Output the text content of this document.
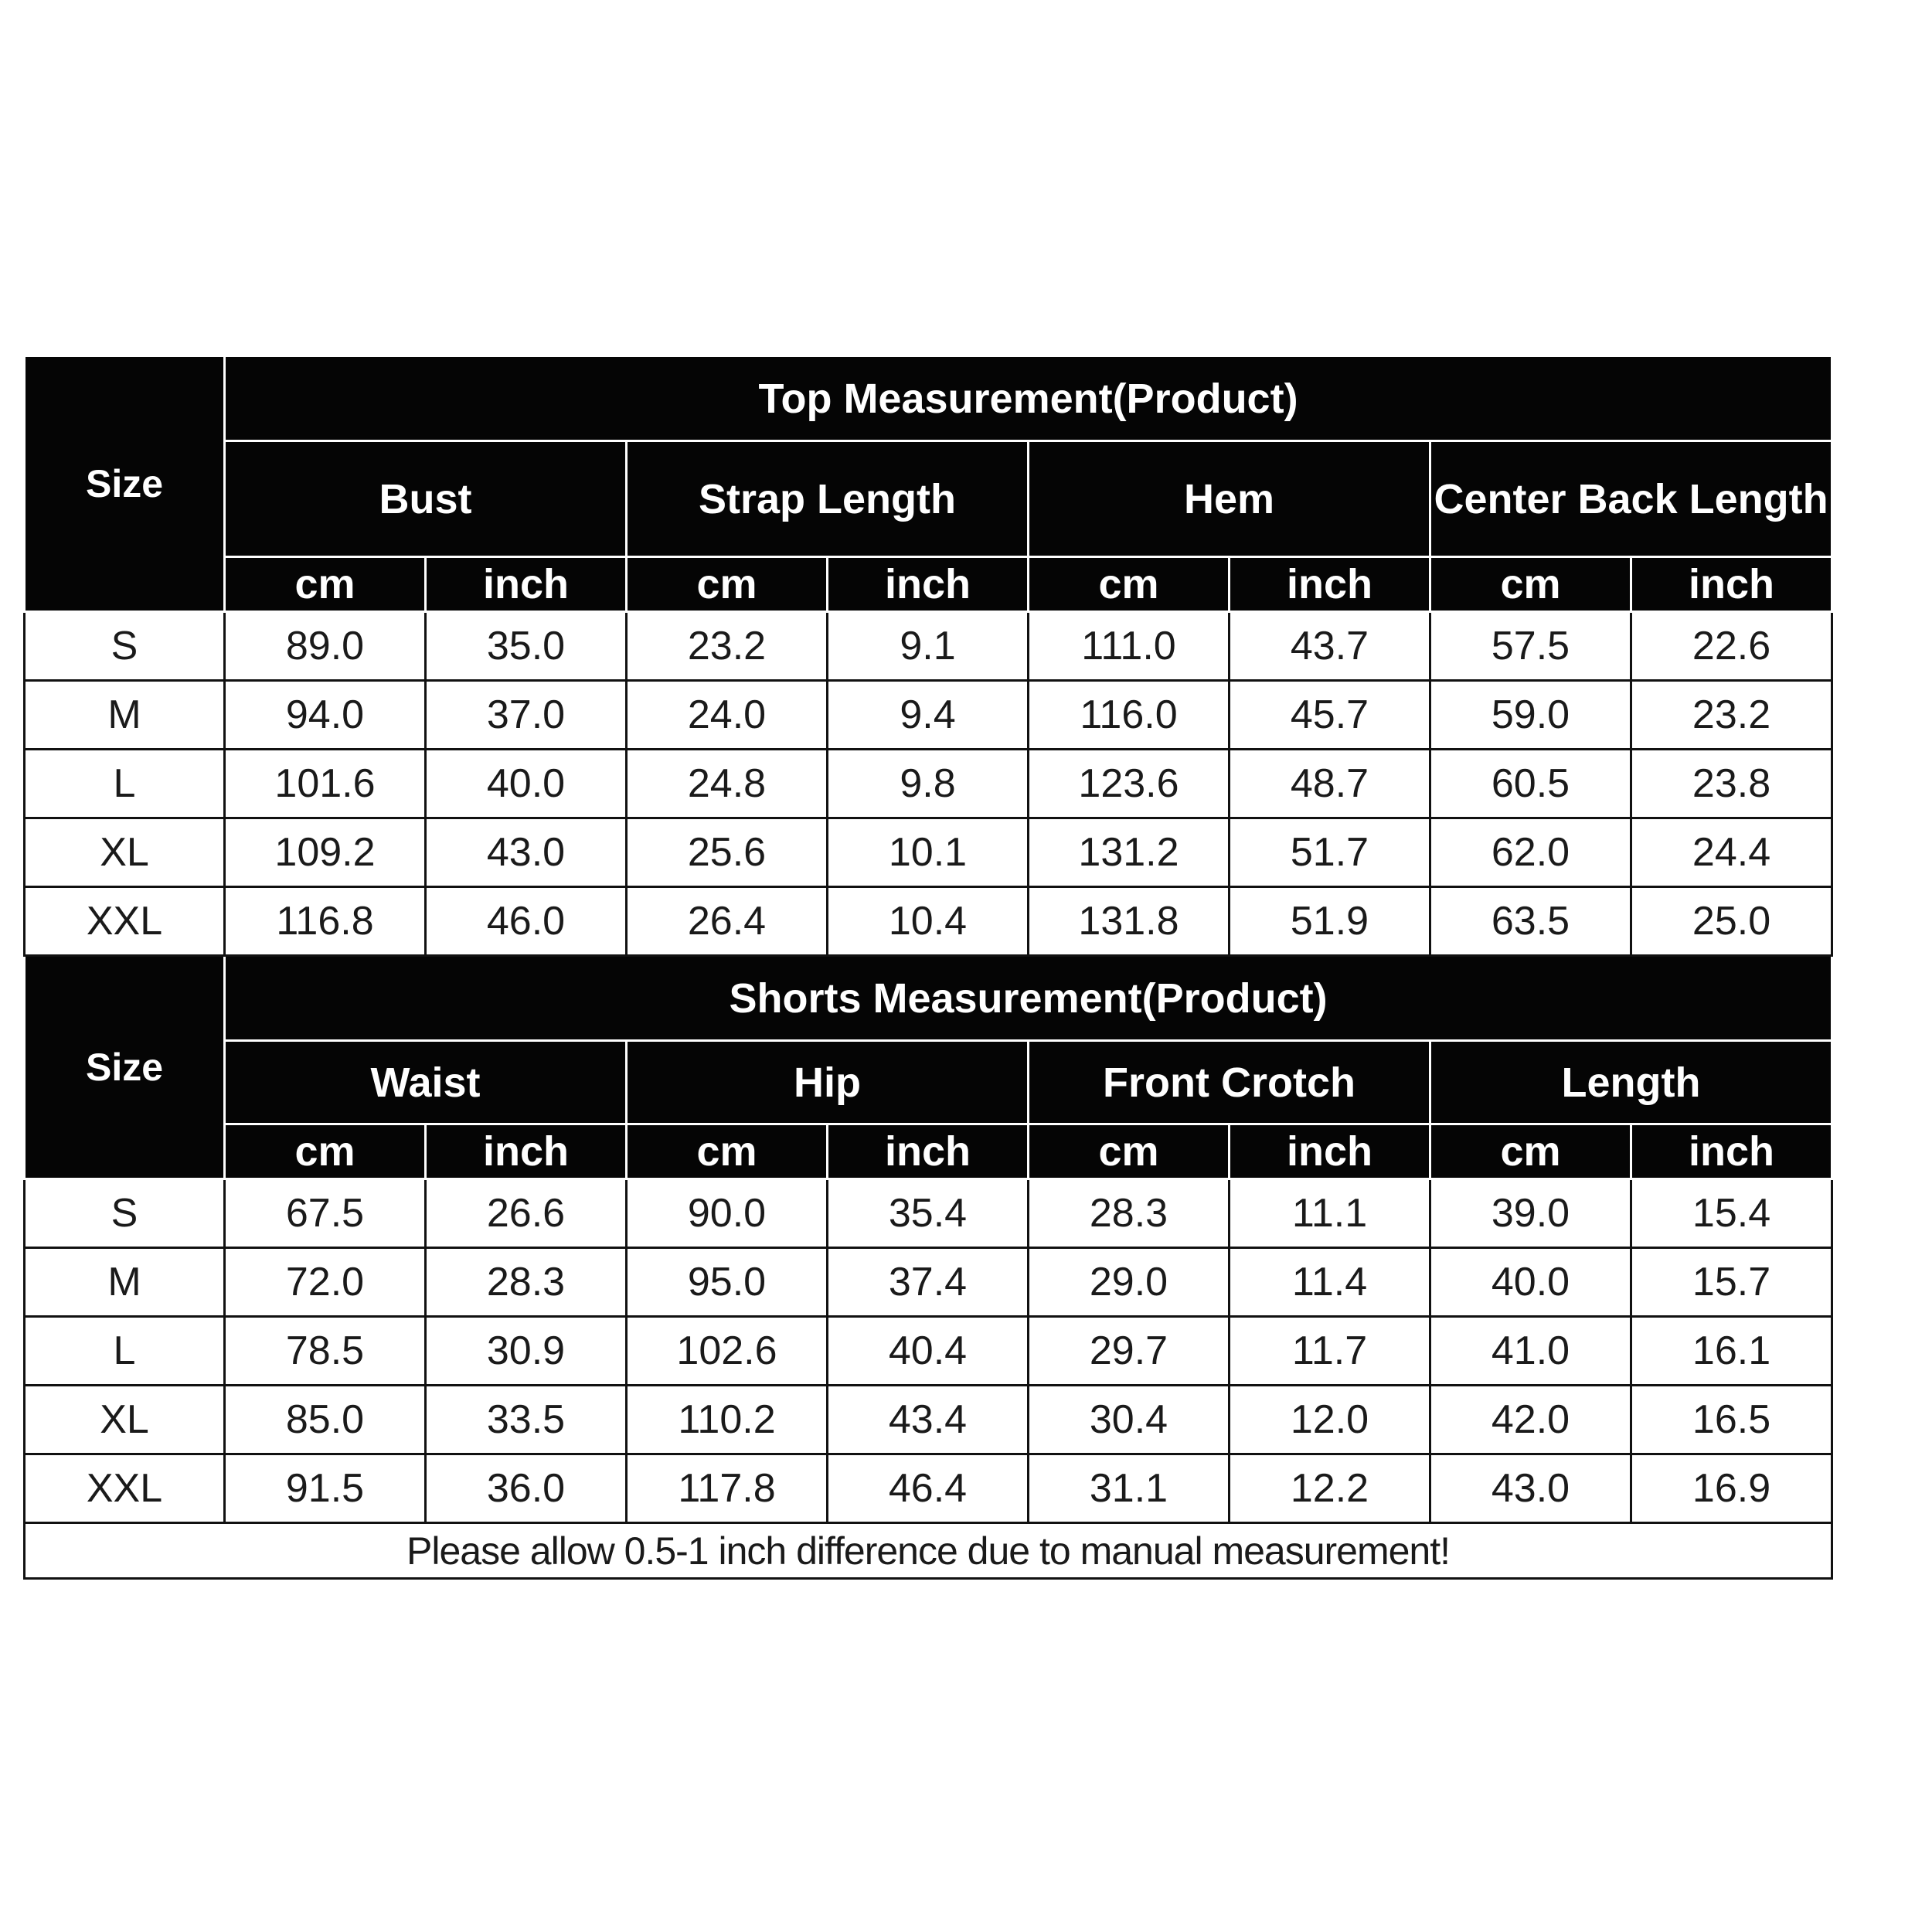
Size	Top Measurement(Product)							
	Bust		Strap Length		Hem		Center Back Length	
	cm	inch	cm	inch	cm	inch	cm	inch
S	89.0	35.0	23.2	9.1	111.0	43.7	57.5	22.6
M	94.0	37.0	24.0	9.4	116.0	45.7	59.0	23.2
L	101.6	40.0	24.8	9.8	123.6	48.7	60.5	23.8
XL	109.2	43.0	25.6	10.1	131.2	51.7	62.0	24.4
XXL	116.8	46.0	26.4	10.4	131.8	51.9	63.5	25.0
Size	Shorts Measurement(Product)							
	Waist		Hip		Front Crotch		Length	
	cm	inch	cm	inch	cm	inch	cm	inch
S	67.5	26.6	90.0	35.4	28.3	11.1	39.0	15.4
M	72.0	28.3	95.0	37.4	29.0	11.4	40.0	15.7
L	78.5	30.9	102.6	40.4	29.7	11.7	41.0	16.1
XL	85.0	33.5	110.2	43.4	30.4	12.0	42.0	16.5
XXL	91.5	36.0	117.8	46.4	31.1	12.2	43.0	16.9
Please allow 0.5-1 inch difference due to manual measurement!								
